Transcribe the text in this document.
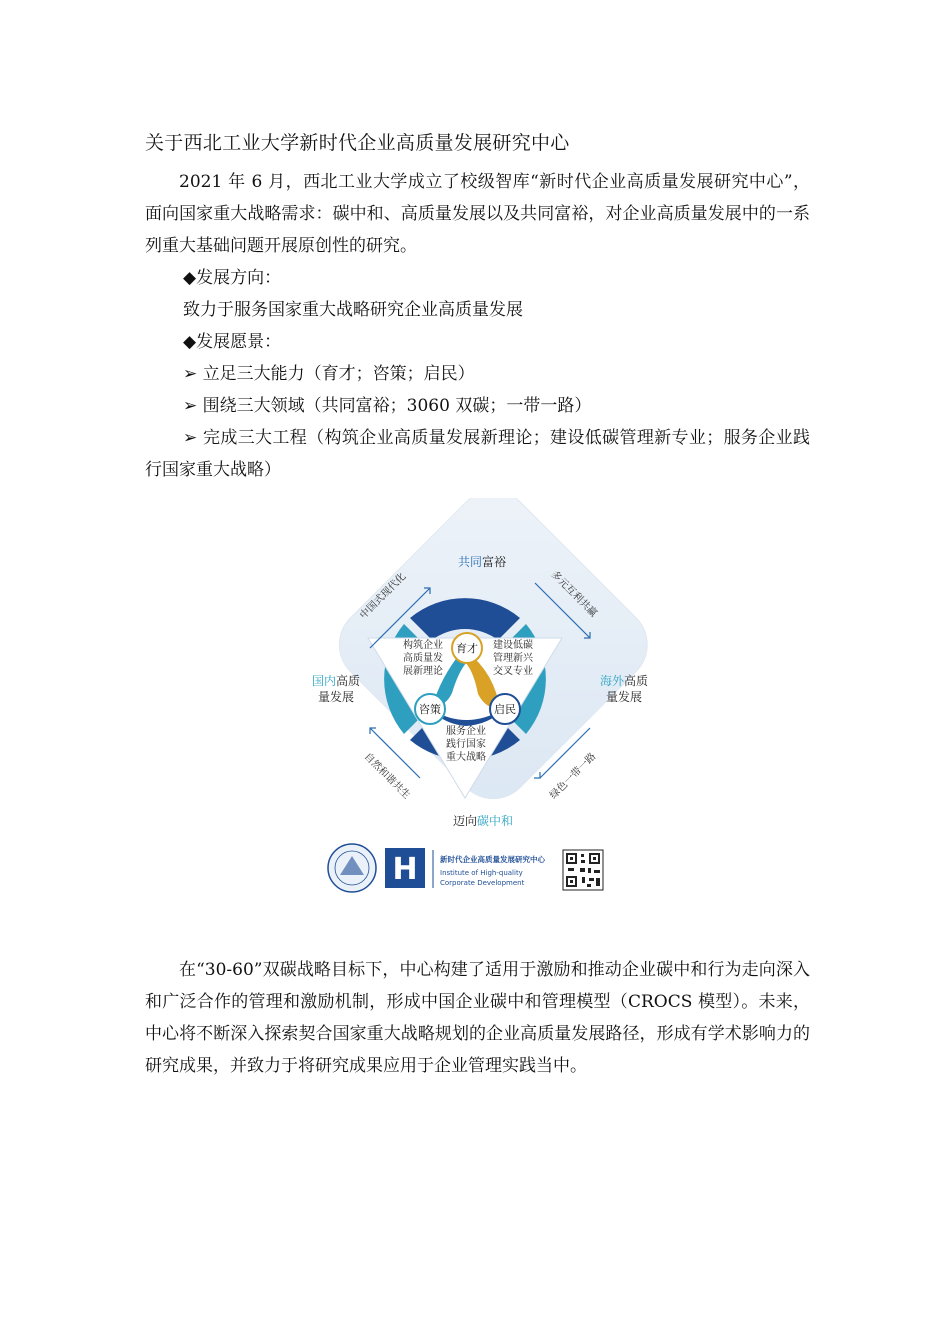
关于西北工业大学新时代企业高质量发展研究中心

2021 年 6 月，西北工业大学成立了校级智库“新时代企业高质量发展研究中心”，面向国家重大战略需求：碳中和、高质量发展以及共同富裕，对企业高质量发展中的一系列重大基础问题开展原创性的研究。

◆发展方向：
致力于服务国家重大战略研究企业高质量发展
◆发展愿景：
➢ 立足三大能力（育才；咨策；启民）
➢ 围绕三大领域（共同富裕；3060 双碳；一带一路）

➢ 完成三大工程（构筑企业高质量发展新理论；建设低碳管理新专业；服务企业践行国家重大战略）

育才
咨策	启民
构筑企业
高质量发
展新理论
建设低碳
管理新兴
交叉专业
服务企业
践行国家
重大战略
共同富裕
迈向碳中和
国内高质
量发展
海外高质
量发展
中国式现代化	多元互利共赢
自然和谐共生	绿色一带一路
H	新时代企业高质量发展研究中心
Institute of High-quality
Corporate Development

在“30-60”双碳战略目标下，中心构建了适用于激励和推动企业碳中和行为走向深入和广泛合作的管理和激励机制，形成中国企业碳中和管理模型（CROCS 模型）。未来，中心将不断深入探索契合国家重大战略规划的企业高质量发展路径，形成有学术影响力的研究成果，并致力于将研究成果应用于企业管理实践当中。
